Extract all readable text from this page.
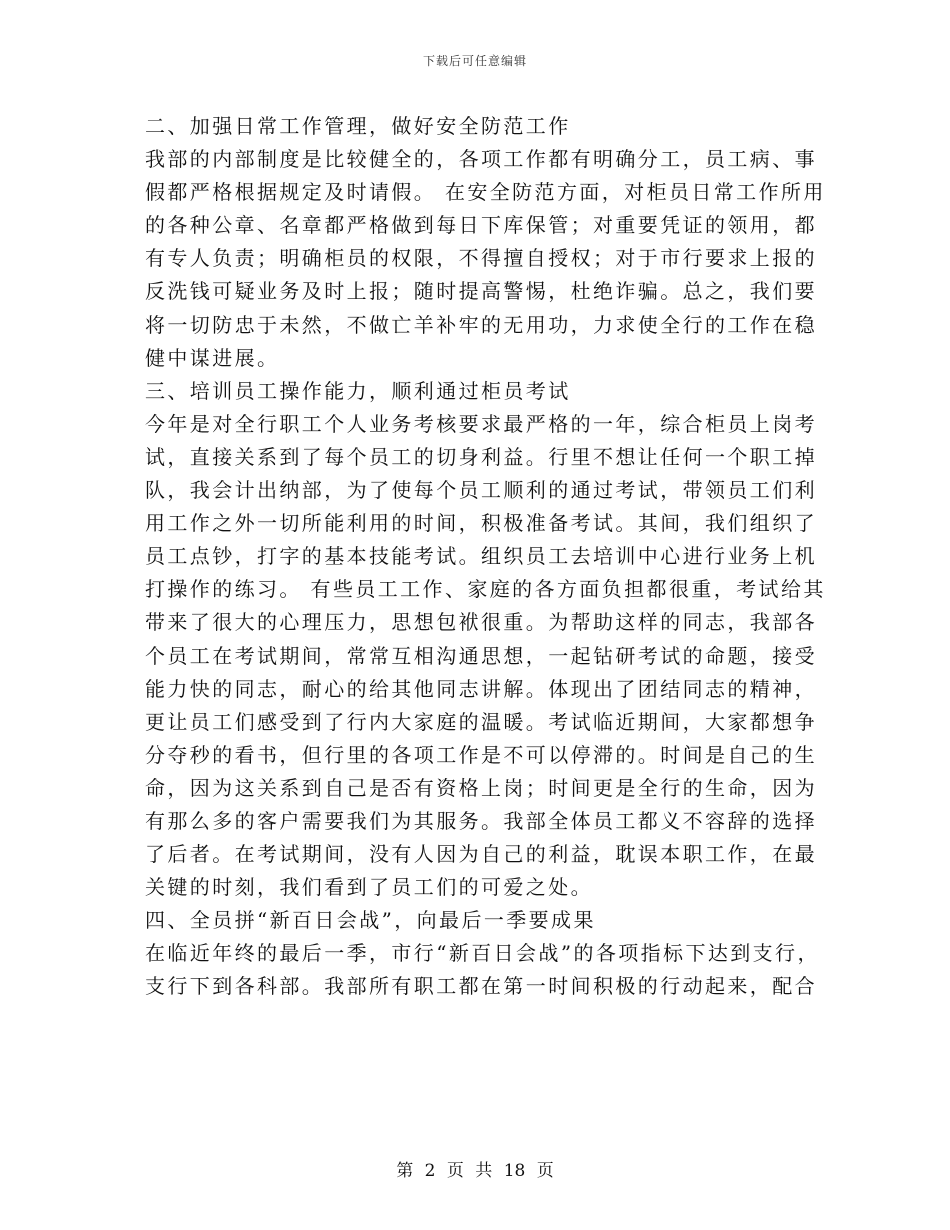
下载后可任意编辑
二、加强日常工作管理，做好安全防范工作
我部的内部制度是比较健全的，各项工作都有明确分工，员工病、事
假都严格根据规定及时请假。 在安全防范方面，对柜员日常工作所用
的各种公章、名章都严格做到每日下库保管；对重要凭证的领用，都
有专人负责；明确柜员的权限，不得擅自授权；对于市行要求上报的
反洗钱可疑业务及时上报；随时提高警惕，杜绝诈骗。总之，我们要
将一切防忠于未然，不做亡羊补牢的无用功，力求使全行的工作在稳
健中谋进展。
三、培训员工操作能力，顺利通过柜员考试
今年是对全行职工个人业务考核要求最严格的一年，综合柜员上岗考
试，直接关系到了每个员工的切身利益。行里不想让任何一个职工掉
队，我会计出纳部，为了使每个员工顺利的通过考试，带领员工们利
用工作之外一切所能利用的时间，积极准备考试。其间，我们组织了
员工点钞，打字的基本技能考试。组织员工去培训中心进行业务上机
打操作的练习。 有些员工工作、家庭的各方面负担都很重，考试给其
带来了很大的心理压力，思想包袱很重。为帮助这样的同志，我部各
个员工在考试期间，常常互相沟通思想，一起钻研考试的命题，接受
能力快的同志，耐心的给其他同志讲解。体现出了团结同志的精神，
更让员工们感受到了行内大家庭的温暖。考试临近期间，大家都想争
分夺秒的看书，但行里的各项工作是不可以停滞的。时间是自己的生
命，因为这关系到自己是否有资格上岗；时间更是全行的生命，因为
有那么多的客户需要我们为其服务。我部全体员工都义不容辞的选择
了后者。在考试期间，没有人因为自己的利益，耽误本职工作，在最
关键的时刻，我们看到了员工们的可爱之处。
四、全员拼“新百日会战”，向最后一季要成果
在临近年终的最后一季，市行“新百日会战”的各项指标下达到支行，
支行下到各科部。我部所有职工都在第一时间积极的行动起来，配合
第 2 页 共 18 页
